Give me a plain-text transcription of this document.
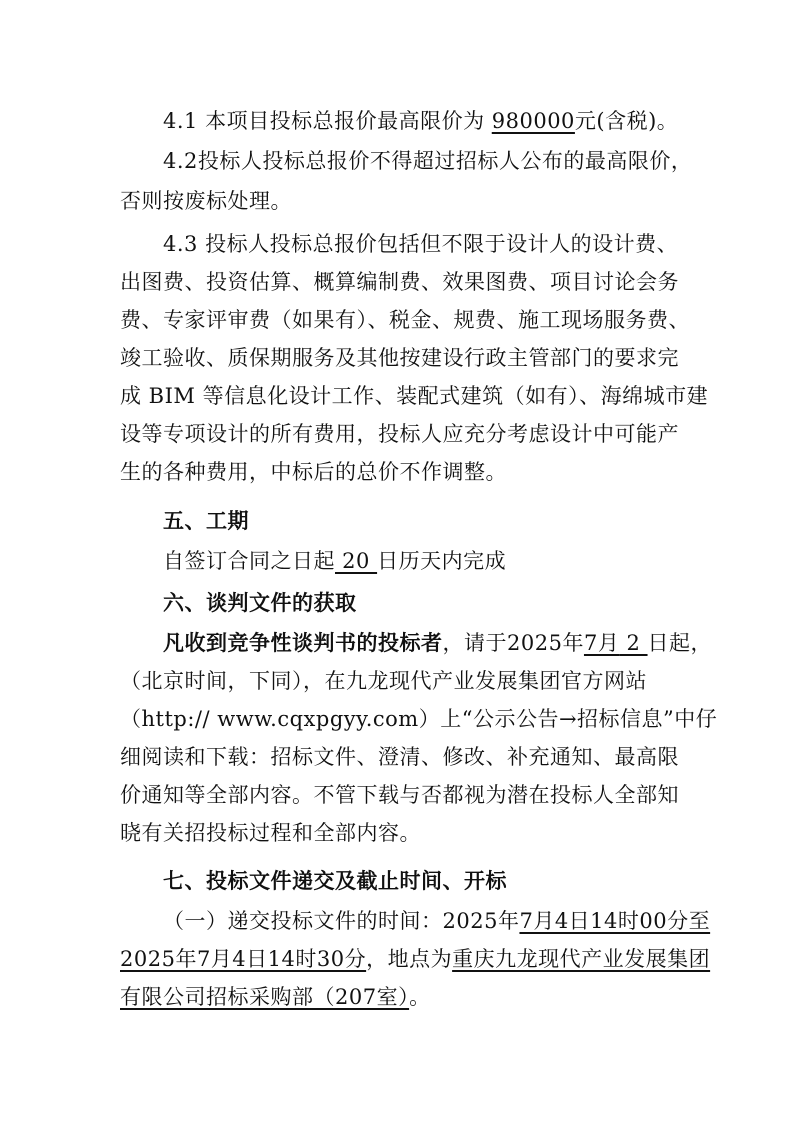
4.1 本项目投标总报价最高限价为 980000元(含税)。
4.2投标人投标总报价不得超过招标人公布的最高限价，
否则按废标处理。
4.3 投标人投标总报价包括但不限于设计人的设计费、
出图费、投资估算、概算编制费、效果图费、项目讨论会务
费、专家评审费（如果有）、税金、规费、施工现场服务费、
竣工验收、质保期服务及其他按建设行政主管部门的要求完
成 BIM 等信息化设计工作、装配式建筑（如有）、海绵城市建
设等专项设计的所有费用，投标人应充分考虑设计中可能产
生的各种费用，中标后的总价不作调整。
五、工期
自签订合同之日起 20 日历天内完成
六、谈判文件的获取
凡收到竞争性谈判书的投标者，请于2025年7月 2 日起，
（北京时间，下同），在九龙现代产业发展集团官方网站
（http:// www.cqxpgyy.com）上“公示公告→招标信息”中仔
细阅读和下载：招标文件、澄清、修改、补充通知、最高限
价通知等全部内容。不管下载与否都视为潜在投标人全部知
晓有关招投标过程和全部内容。
七、投标文件递交及截止时间、开标
（一）递交投标文件的时间：2025年7月4日14时00分至
2025年7月4日14时30分，地点为重庆九龙现代产业发展集团
有限公司招标采购部（207室）。
